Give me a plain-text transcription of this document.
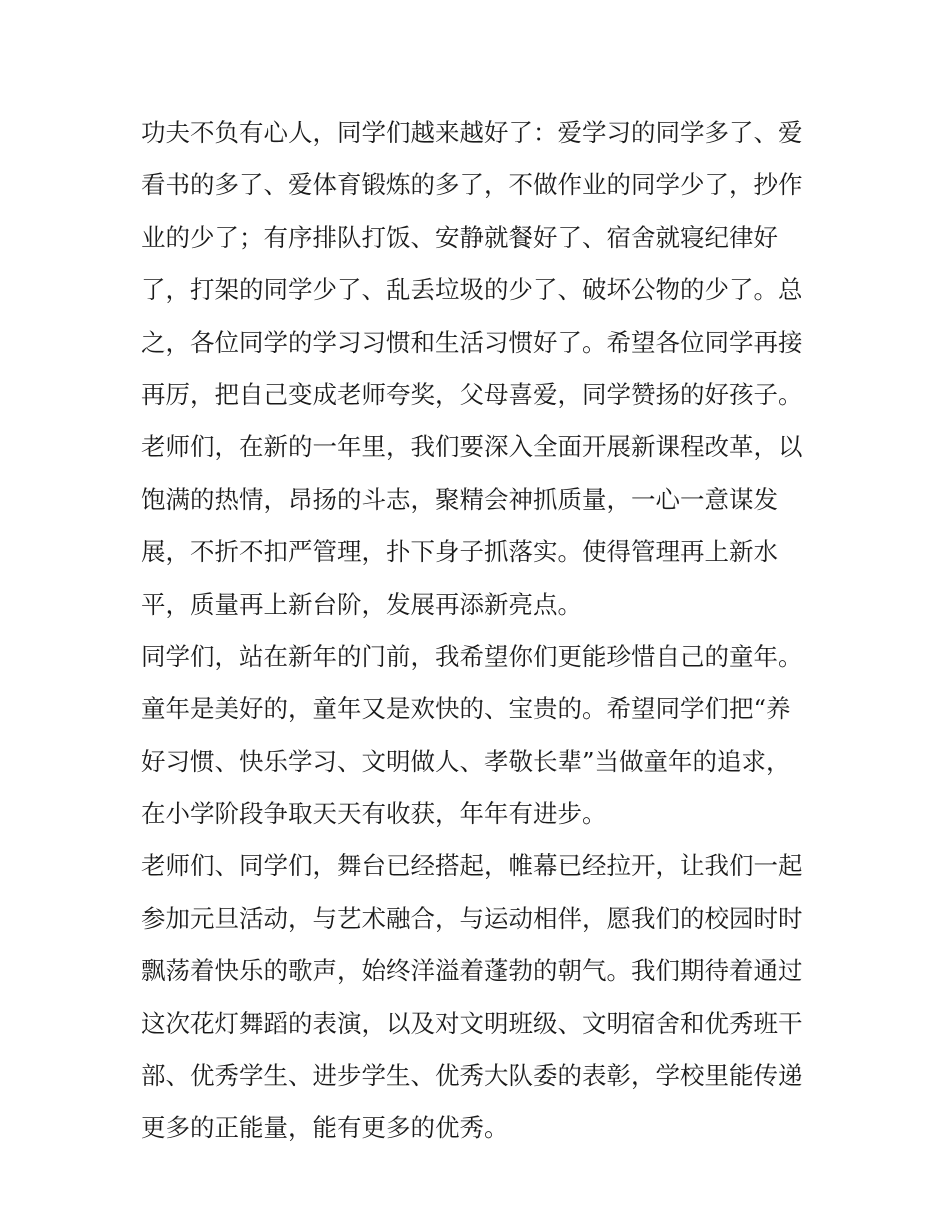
功夫不负有心人，同学们越来越好了：爱学习的同学多了、爱
看书的多了、爱体育锻炼的多了，不做作业的同学少了，抄作
业的少了；有序排队打饭、安静就餐好了、宿舍就寝纪律好
了，打架的同学少了、乱丢垃圾的少了、破坏公物的少了。总
之，各位同学的学习习惯和生活习惯好了。希望各位同学再接
再厉，把自己变成老师夸奖，父母喜爱，同学赞扬的好孩子。
老师们，在新的一年里，我们要深入全面开展新课程改革，以
饱满的热情，昂扬的斗志，聚精会神抓质量，一心一意谋发
展，不折不扣严管理，扑下身子抓落实。使得管理再上新水
平，质量再上新台阶，发展再添新亮点。
同学们，站在新年的门前，我希望你们更能珍惜自己的童年。
童年是美好的，童年又是欢快的、宝贵的。希望同学们把“养
好习惯、快乐学习、文明做人、孝敬长辈”当做童年的追求，
在小学阶段争取天天有收获，年年有进步。
老师们、同学们，舞台已经搭起，帷幕已经拉开，让我们一起
参加元旦活动，与艺术融合，与运动相伴，愿我们的校园时时
飘荡着快乐的歌声，始终洋溢着蓬勃的朝气。我们期待着通过
这次花灯舞蹈的表演，以及对文明班级、文明宿舍和优秀班干
部、优秀学生、进步学生、优秀大队委的表彰，学校里能传递
更多的正能量，能有更多的优秀。
